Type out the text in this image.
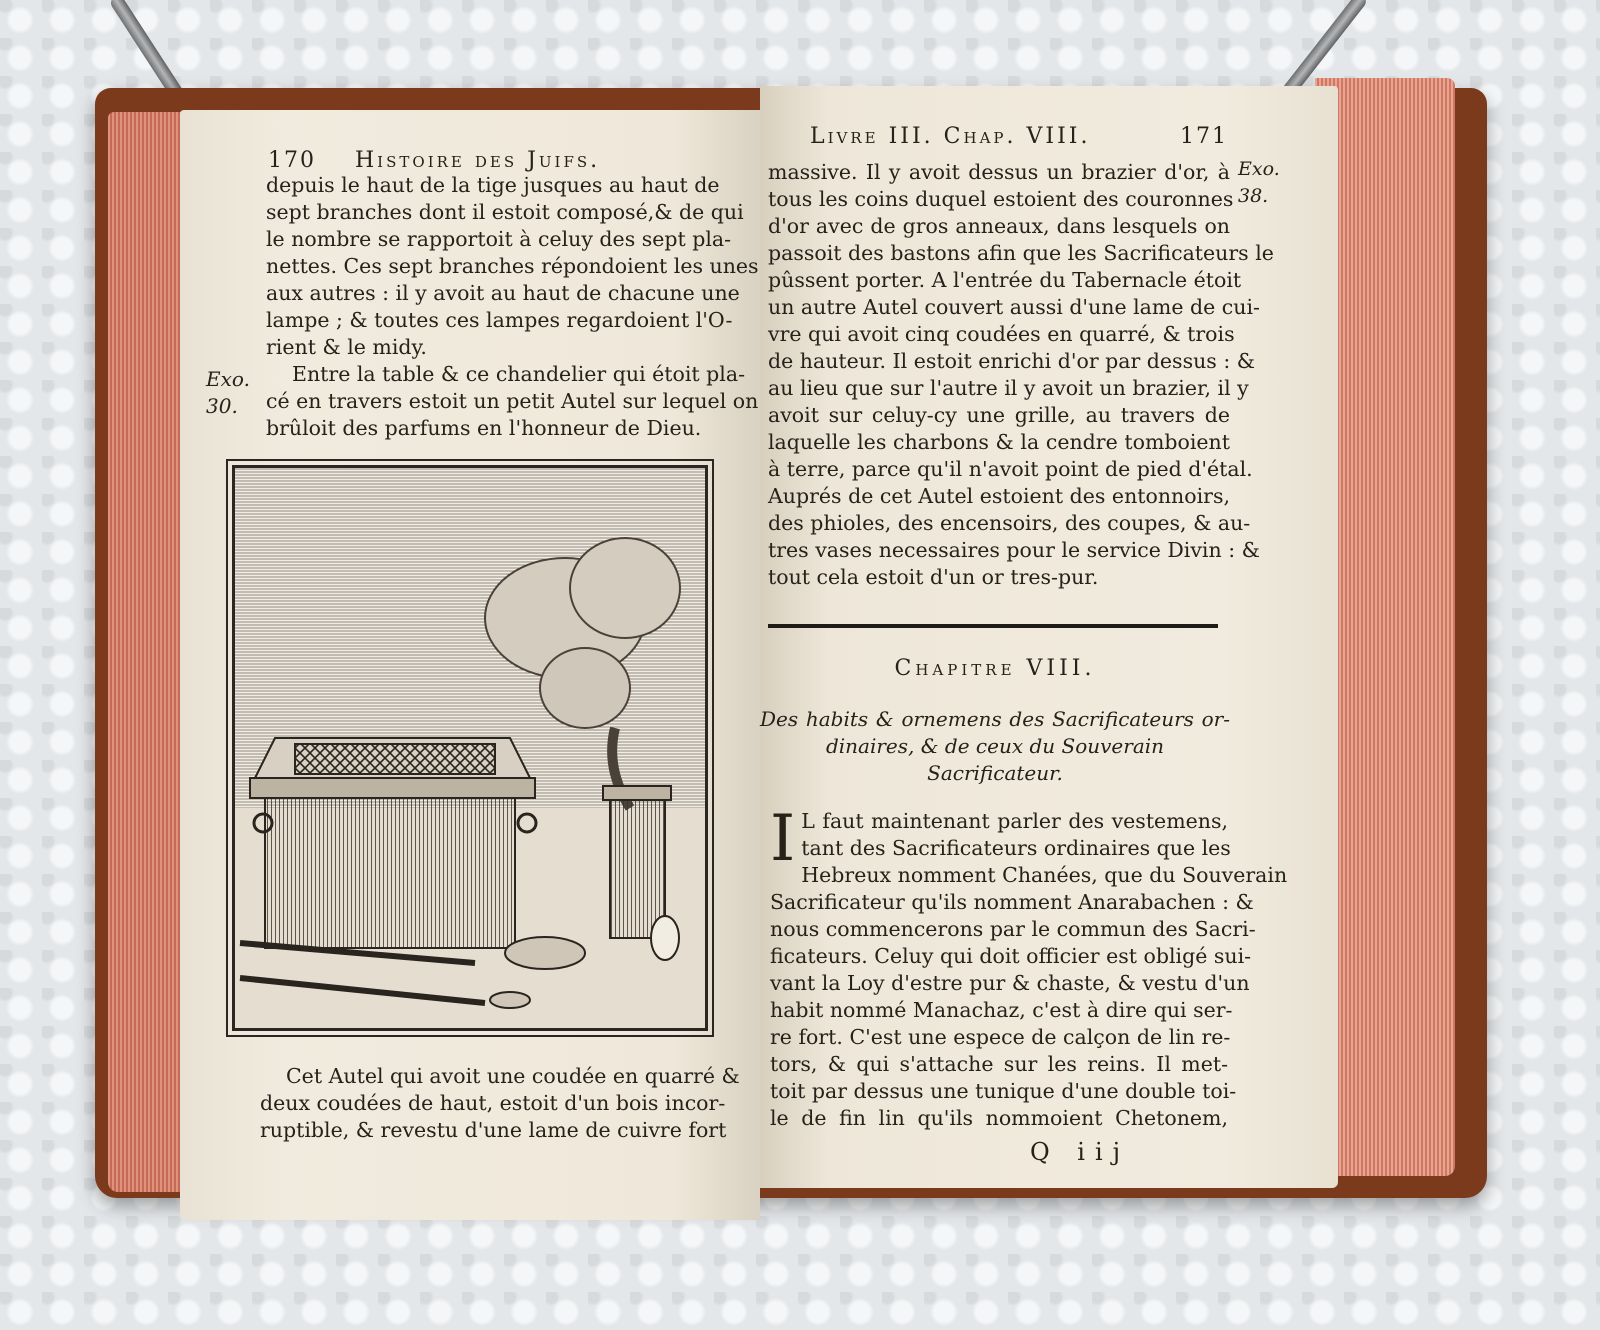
170 Histoire des Juifs.
depuis le haut de la tige jusques au haut de
sept branches dont il estoit composé,& de qui
le nombre se rapportoit à celuy des sept pla-
nettes. Ces sept branches répondoient les unes
aux autres : il y avoit au haut de chacune une
lampe ; & toutes ces lampes regardoient l'O-
rient & le midy.
Entre la table & ce chandelier qui étoit pla-
cé en travers estoit un petit Autel sur lequel on
brûloit des parfums en l'honneur de Dieu.
Exo.
30.
Cet Autel qui avoit une coudée en quarré &
deux coudées de haut, estoit d'un bois incor-
ruptible, & revestu d'une lame de cuivre fort
Livre III. Chap. VIII.	171
Exo.
38.
massive. Il y avoit dessus un brazier d'or, à
tous les coins duquel estoient des couronnes
d'or avec de gros anneaux, dans lesquels on
passoit des bastons afin que les Sacrificateurs le
pûssent porter. A l'entrée du Tabernacle étoit
un autre Autel couvert aussi d'une lame de cui-
vre qui avoit cinq coudées en quarré, & trois
de hauteur. Il estoit enrichi d'or par dessus : &
au lieu que sur l'autre il y avoit un brazier, il y
avoit sur celuy-cy une grille, au travers de
laquelle les charbons & la cendre tomboient
à terre, parce qu'il n'avoit point de pied d'étal.
Auprés de cet Autel estoient des entonnoirs,
des phioles, des encensoirs, des coupes, & au-
tres vases necessaires pour le service Divin : &
tout cela estoit d'un or tres-pur.
Chapitre VIII.
Des habits & ornemens des Sacrificateurs or-
dinaires, & de ceux du Souverain
Sacrificateur.
I L faut maintenant parler des vestemens,
tant des Sacrificateurs ordinaires que les
Hebreux nomment Chanées, que du Souverain
Sacrificateur qu'ils nomment Anarabachen : &
nous commencerons par le commun des Sacri-
ficateurs. Celuy qui doit officier est obligé sui-
vant la Loy d'estre pur & chaste, & vestu d'un
habit nommé Manachaz, c'est à dire qui ser-
re fort. C'est une espece de calçon de lin re-
tors, & qui s'attache sur les reins. Il met-
toit par dessus une tunique d'une double toi-
le de fin lin qu'ils nommoient Chetonem,
Q iij
